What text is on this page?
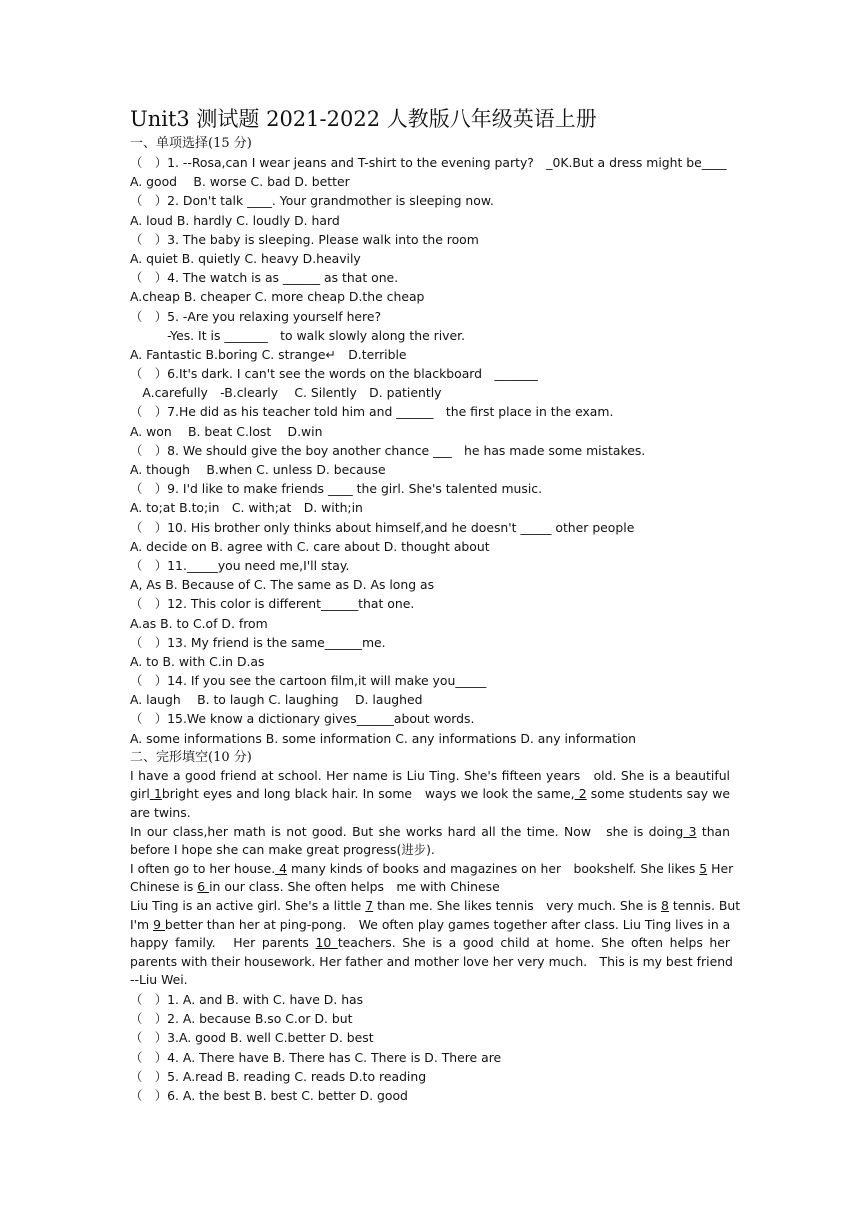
Unit3 测试题 2021-2022 人教版八年级英语上册
一、单项选择(15 分)
（　）1. --Rosa,can I wear jeans and T-shirt to the evening party?　_0K.But a dress might be____
A. good　 B. worse C. bad D. better
（　）2. Don't talk ____. Your grandmother is sleeping now.
A. loud B. hardly C. loudly D. hard
（　）3. The baby is sleeping. Please walk into the room
A. quiet B. quietly C. heavy D.heavily
（　）4. The watch is as ______ as that one.
A.cheap B. cheaper C. more cheap D.the cheap
（　）5. -Are you relaxing yourself here?
　　　-Yes. It is _______　to walk slowly along the river.
A. Fantastic B.boring C. strange↵　D.terrible
（　）6.It's dark. I can't see the words on the blackboard　_______
　A.carefully　-B.clearly　 C. Silently　D. patiently
（　）7.He did as his teacher told him and ______　the first place in the exam.
A. won　 B. beat C.lost　 D.win
（　）8. We should give the boy another chance ___　he has made some mistakes.
A. though　 B.when C. unless D. because
（　）9. I'd like to make friends ____ the girl. She's talented music.
A. to;at B.to;in　C. with;at　D. with;in
（　）10. His brother only thinks about himself,and he doesn't _____ other people
A. decide on B. agree with C. care about D. thought about
（　）11._____you need me,I'll stay.
A, As B. Because of C. The same as D. As long as
（　）12. This color is different______that one.
A.as B. to C.of D. from
（　）13. My friend is the same______me.
A. to B. with C.in D.as
（　）14. If you see the cartoon film,it will make you_____
A. laugh　 B. to laugh C. laughing　 D. laughed
（　）15.We know a dictionary gives______about words.
A. some informations B. some information C. any informations D. any information
二、完形填空(10 分)
I have a good friend at school. Her name is Liu Ting. She's fifteen years　old. She is a beautiful
girl 1bright eyes and long black hair. In some　ways we look the same, 2 some students say we
are twins.
In our class,her math is not good. But she works hard all the time. Now　she is doing 3 than
before I hope she can make great progress(进步).
I often go to her house. 4 many kinds of books and magazines on her　bookshelf. She likes 5 Her
Chinese is 6 in our class. She often helps　me with Chinese
Liu Ting is an active girl. She's a little 7 than me. She likes tennis　very much. She is 8 tennis. But
I'm 9 better than her at ping-pong.　We often play games together after class. Liu Ting lives in a
happy family.　Her parents 10 teachers. She is a good child at home. She often helps her
parents with their housework. Her father and mother love her very much.　This is my best friend
--Liu Wei.
（　）1. A. and B. with C. have D. has
（　）2. A. because B.so C.or D. but
（　）3.A. good B. well C.better D. best
（　）4. A. There have B. There has C. There is D. There are
（　）5. A.read B. reading C. reads D.to reading
（　）6. A. the best B. best C. better D. good
